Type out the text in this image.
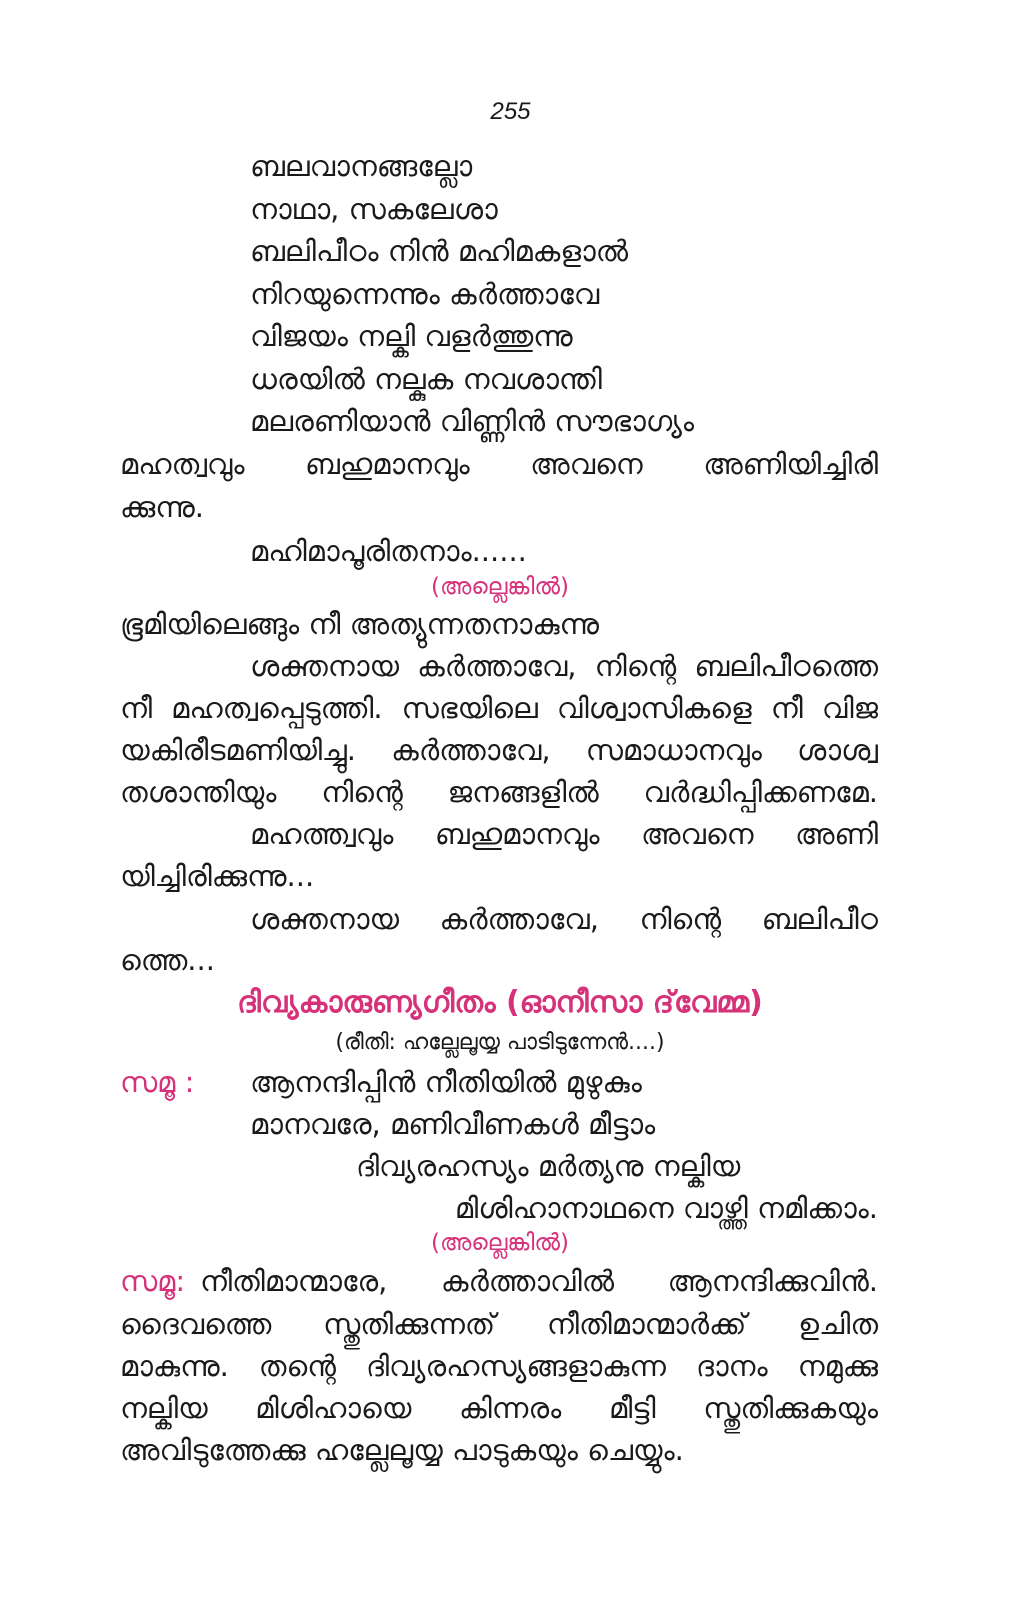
255
ബലവാനങ്ങല്ലോ
നാഥാ, സകലേശാ
ബലിപീഠം നിൻ മഹിമകളാൽ
നിറയുന്നെന്നും കർത്താവേ
വിജയം നല്കി വളർത്തുന്നു
ധരയിൽ നല്കുക നവശാന്തി
മലരണിയാൻ വിണ്ണിൻ സൗഭാഗ്യം
മഹത്വവും ബഹുമാനവും അവനെ അണിയിച്ചിരി
ക്കുന്നു.
മഹിമാപൂരിതനാം......
(അല്ലെങ്കിൽ)
ഭൂമിയിലെങ്ങും നീ അത്യുന്നതനാകുന്നു
ശക്തനായ കർത്താവേ, നിന്റെ ബലിപീഠത്തെ
നീ മഹത്വപ്പെടുത്തി. സഭയിലെ വിശ്വാസികളെ നീ വിജ
യകിരീടമണിയിച്ചു. കർത്താവേ, സമാധാനവും ശാശ്വ
തശാന്തിയും നിന്റെ ജനങ്ങളിൽ വർദ്ധിപ്പിക്കണമേ.
മഹത്ത്വവും ബഹുമാനവും അവനെ അണി
യിച്ചിരിക്കുന്നു...
ശക്തനായ കർത്താവേ, നിന്റെ ബലിപീഠ
ത്തെ...
ദിവ്യകാരുണ്യഗീതം (ഓനീസാ ദ്‌വേമ്മ)
(രീതി: ഹല്ലേലൂയ്യ പാടിടുന്നേൻ....)
സമൂ : ആനന്ദിപ്പിൻ നീതിയിൽ മുഴുകും
മാനവരേ, മണിവീണകൾ മീട്ടാം
ദിവ്യരഹസ്യം മർത്യനു നല്കിയ
മിശിഹാനാഥനെ വാഴ്ത്തി നമിക്കാം.
(അല്ലെങ്കിൽ)
സമൂ: നീതിമാന്മാരേ, കർത്താവിൽ ആനന്ദിക്കുവിൻ.
ദൈവത്തെ സ്തുതിക്കുന്നത് നീതിമാന്മാർക്ക് ഉചിത
മാകുന്നു. തന്റെ ദിവ്യരഹസ്യങ്ങളാകുന്ന ദാനം നമുക്കു
നല്കിയ മിശിഹായെ കിന്നരം മീട്ടി സ്തുതിക്കുകയും
അവിടുത്തേക്കു ഹല്ലേലൂയ്യ പാടുകയും ചെയ്യും.
